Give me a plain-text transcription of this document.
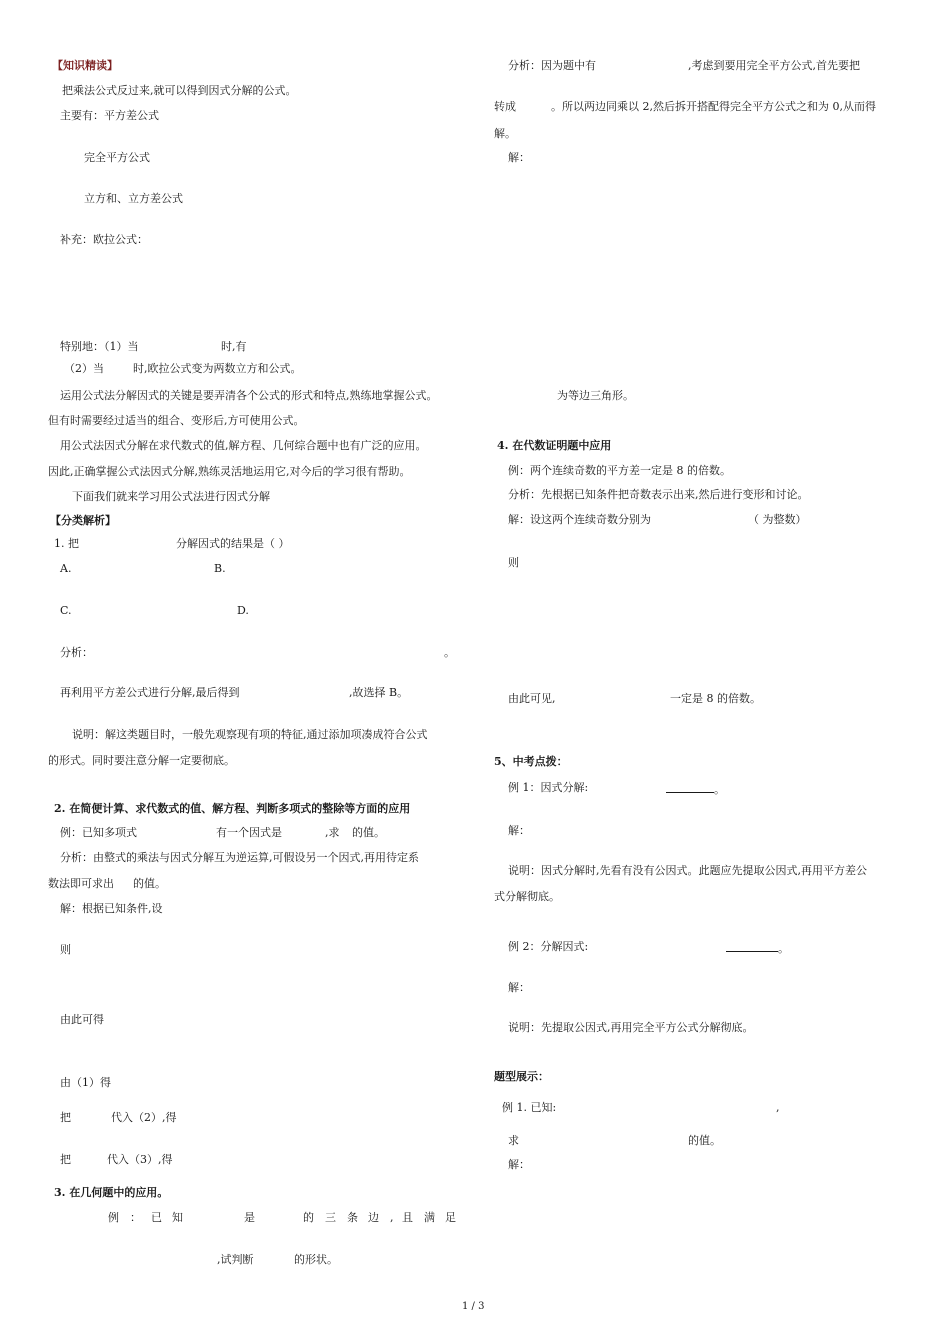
【知识精读】
把乘法公式反过来,就可以得到因式分解的公式。
主要有：平方差公式
完全平方公式
立方和、立方差公式
补充：欧拉公式：
特别地：（1）当	时,有
（2）当	时,欧拉公式变为两数立方和公式。
运用公式法分解因式的关键是要弄清各个公式的形式和特点,熟练地掌握公式。
但有时需要经过适当的组合、变形后,方可使用公式。
用公式法因式分解在求代数式的值,解方程、几何综合题中也有广泛的应用。
因此,正确掌握公式法因式分解,熟练灵活地运用它,对今后的学习很有帮助。
下面我们就来学习用公式法进行因式分解
【分类解析】
1. 把	分解因式的结果是（ ）
A.	B.
C.	D.
分析：	。
再利用平方差公式进行分解,最后得到	,故选择 B。
说明：解这类题目时，一般先观察现有项的特征,通过添加项凑成符合公式
的形式。同时要注意分解一定要彻底。
2. 在简便计算、求代数式的值、解方程、判断多项式的整除等方面的应用
例：已知多项式	有一个因式是	,求 的值。
分析：由整式的乘法与因式分解互为逆运算,可假设另一个因式,再用待定系
数法即可求出 的值。
解：根据已知条件,设
则
由此可得
由（1）得
把	代入（2）,得
把	代入（3）,得
3. 在几何题中的应用。
例 ： 已 知	是	的 三 条 边 , 且 满 足
,试判断	的形状。
分析：因为题中有	,考虑到要用完全平方公式,首先要把
转成	。所以两边同乘以 2,然后拆开搭配得完全平方公式之和为 0,从而得
解。
解：
为等边三角形。
4. 在代数证明题中应用
例：两个连续奇数的平方差一定是 8 的倍数。
分析：先根据已知条件把奇数表示出来,然后进行变形和讨论。
解：设这两个连续奇数分别为	（ 为整数）
则
由此可见,	一定是 8 的倍数。
5、中考点拨：
例 1：因式分解:	。
解：
说明：因式分解时,先看有没有公因式。此题应先提取公因式,再用平方差公
式分解彻底。
例 2：分解因式:	。
解：
说明：先提取公因式,再用完全平方公式分解彻底。
题型展示：
例 1. 已知:	,
求	的值。
解：
1 / 3
